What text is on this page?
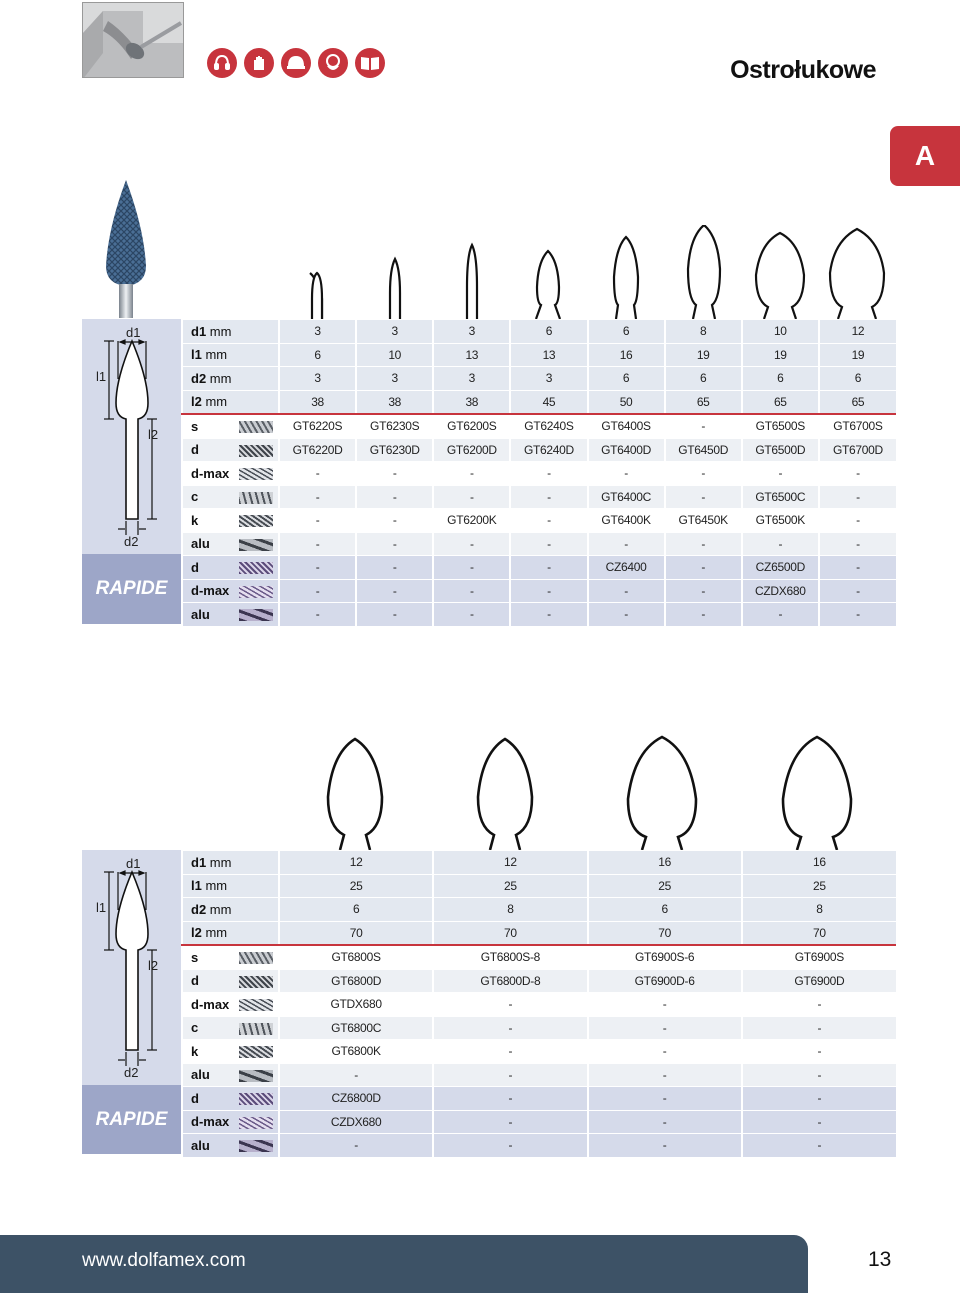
Ostrołukowe
A
d1
l1
l2
d2
RAPIDE
d1 mm	3	3	3	6	6	8	10	12
l1 mm	6	10	13	13	16	19	19	19
d2 mm	3	3	3	3	6	6	6	6
l2 mm	38	38	38	45	50	65	65	65
s	GT6220S	GT6230S	GT6200S	GT6240S	GT6400S	-	GT6500S	GT6700S
d	GT6220D	GT6230D	GT6200D	GT6240D	GT6400D	GT6450D	GT6500D	GT6700D
d-max	-	-	-	-	-	-	-	-
c	-	-	-	-	GT6400C	-	GT6500C	-
k	-	-	GT6200K	-	GT6400K	GT6450K	GT6500K	-
alu	-	-	-	-	-	-	-	-
d	-	-	-	-	CZ6400	-	CZ6500D	-
d-max	-	-	-	-	-	-	CZDX680	-
alu	-	-	-	-	-	-	-	-
d1
l1
l2
d2
RAPIDE
d1 mm	12	12	16	16
l1 mm	25	25	25	25
d2 mm	6	8	6	8
l2 mm	70	70	70	70
s	GT6800S	GT6800S-8	GT6900S-6	GT6900S
d	GT6800D	GT6800D-8	GT6900D-6	GT6900D
d-max	GTDX680	-	-	-
c	GT6800C	-	-	-
k	GT6800K	-	-	-
alu	-	-	-	-
d	CZ6800D	-	-	-
d-max	CZDX680	-	-	-
alu	-	-	-	-
www.dolfamex.com	13
